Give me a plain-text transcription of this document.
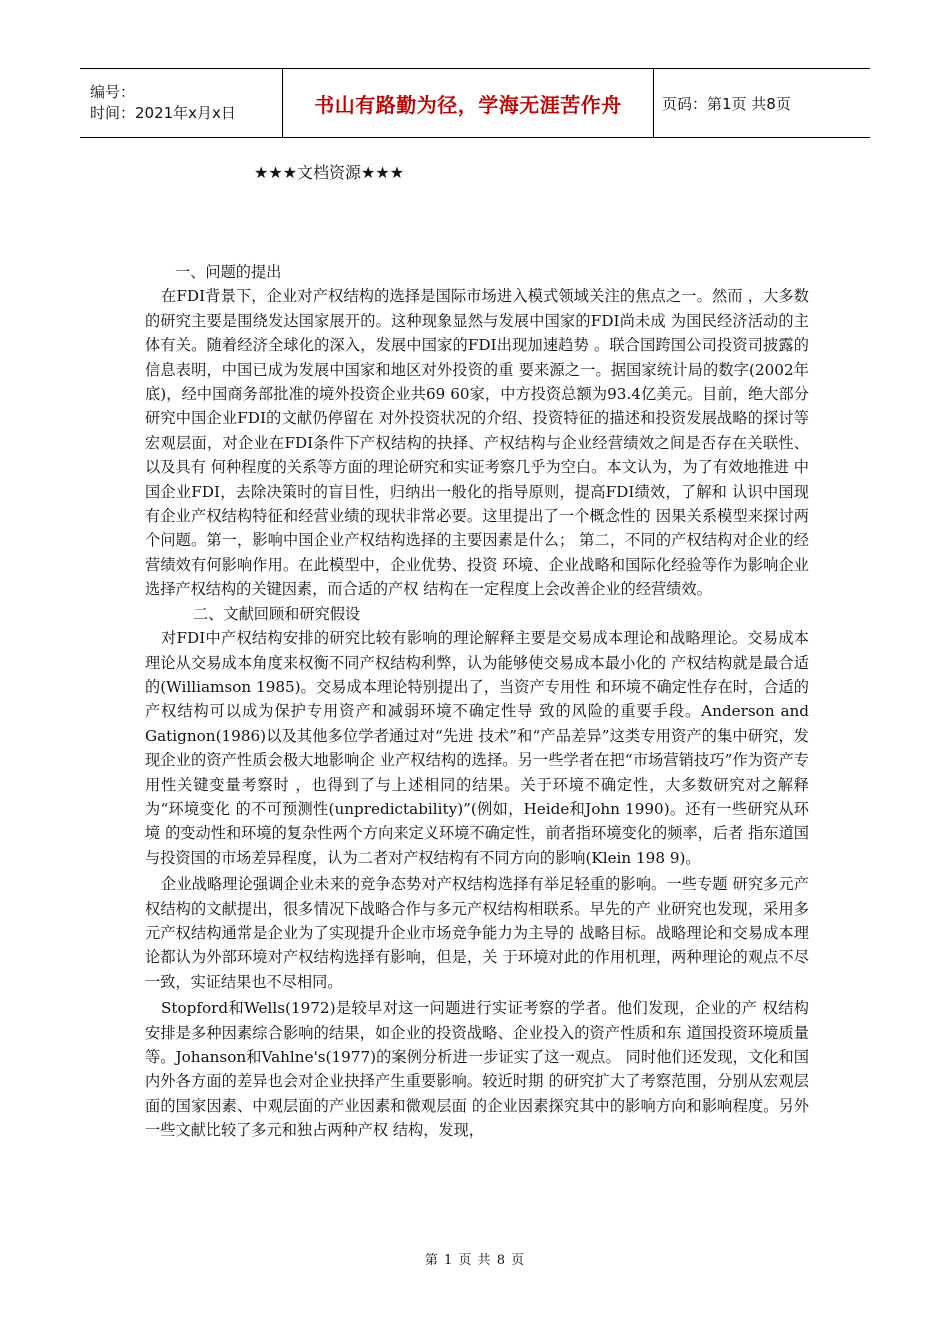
编号：
时间：2021年x月x日	书山有路勤为径，学海无涯苦作舟	页码：第1页 共8页
★★★文档资源★★★

一、问题的提出

在FDI背景下，企业对产权结构的选择是国际市场进入模式领域关注的焦点之一。然而 ，大多数的研究主要是围绕发达国家展开的。这种现象显然与发展中国家的FDI尚未成 为国民经济活动的主体有关。随着经济全球化的深入，发展中国家的FDI出现加速趋势 。联合国跨国公司投资司披露的信息表明，中国已成为发展中国家和地区对外投资的重 要来源之一。据国家统计局的数字(2002年底)，经中国商务部批准的境外投资企业共69 60家，中方投资总额为93.4亿美元。目前，绝大部分研究中国企业FDI的文献仍停留在 对外投资状况的介绍、投资特征的描述和投资发展战略的探讨等宏观层面，对企业在FDI条件下产权结构的抉择、产权结构与企业经营绩效之间是否存在关联性、以及具有 何种程度的关系等方面的理论研究和实证考察几乎为空白。本文认为，为了有效地推进 中国企业FDI，去除决策时的盲目性，归纳出一般化的指导原则，提高FDI绩效，了解和 认识中国现有企业产权结构特征和经营业绩的现状非常必要。这里提出了一个概念性的 因果关系模型来探讨两个问题。第一，影响中国企业产权结构选择的主要因素是什么； 第二，不同的产权结构对企业的经营绩效有何影响作用。在此模型中，企业优势、投资 环境、企业战略和国际化经验等作为影响企业选择产权结构的关键因素，而合适的产权 结构在一定程度上会改善企业的经营绩效。

二、文献回顾和研究假设

对FDI中产权结构安排的研究比较有影响的理论解释主要是交易成本理论和战略理论。交易成本理论从交易成本角度来权衡不同产权结构利弊，认为能够使交易成本最小化的 产权结构就是最合适的(Williamson 1985)。交易成本理论特别提出了，当资产专用性 和环境不确定性存在时，合适的产权结构可以成为保护专用资产和减弱环境不确定性导 致的风险的重要手段。Anderson and Gatignon(1986)以及其他多位学者通过对“先进 技术”和“产品差异”这类专用资产的集中研究，发现企业的资产性质会极大地影响企 业产权结构的选择。另一些学者在把“市场营销技巧”作为资产专用性关键变量考察时 ，也得到了与上述相同的结果。关于环境不确定性，大多数研究对之解释为“环境变化 的不可预测性(unpredictability)”(例如，Heide和John 1990)。还有一些研究从环境 的变动性和环境的复杂性两个方向来定义环境不确定性，前者指环境变化的频率，后者 指东道国与投资国的市场差异程度，认为二者对产权结构有不同方向的影响(Klein 198 9)。

企业战略理论强调企业未来的竞争态势对产权结构选择有举足轻重的影响。一些专题 研究多元产权结构的文献提出，很多情况下战略合作与多元产权结构相联系。早先的产 业研究也发现，采用多元产权结构通常是企业为了实现提升企业市场竞争能力为主导的 战略目标。战略理论和交易成本理论都认为外部环境对产权结构选择有影响，但是，关 于环境对此的作用机理，两种理论的观点不尽一致，实证结果也不尽相同。

Stopford和Wells(1972)是较早对这一问题进行实证考察的学者。他们发现，企业的产 权结构安排是多种因素综合影响的结果，如企业的投资战略、企业投入的资产性质和东 道国投资环境质量等。Johanson和Vahlne's(1977)的案例分析进一步证实了这一观点。 同时他们还发现，文化和国内外各方面的差异也会对企业抉择产生重要影响。较近时期 的研究扩大了考察范围，分别从宏观层面的国家因素、中观层面的产业因素和微观层面 的企业因素探究其中的影响方向和影响程度。另外一些文献比较了多元和独占两种产权 结构，发现，

第 1 页 共 8 页
